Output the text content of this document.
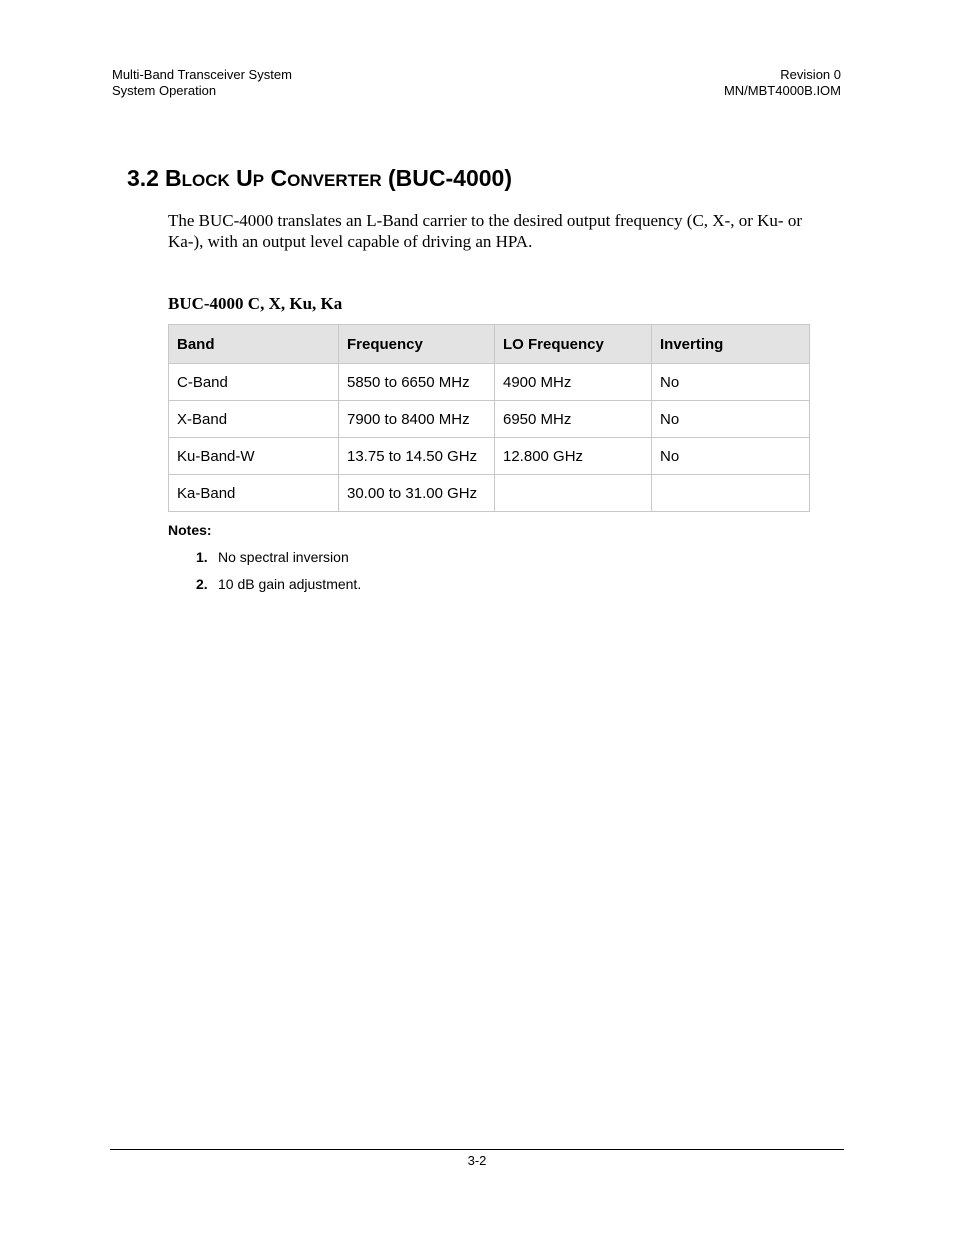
Multi-Band Transceiver System
System Operation
Revision 0
MN/MBT4000B.IOM
3.2 BLOCK UP CONVERTER (BUC-4000)

The BUC-4000 translates an L-Band carrier to the desired output frequency (C, X-, or Ku- or Ka-), with an output level capable of driving an HPA.

BUC-4000 C, X, Ku, Ka

Band	Frequency	LO Frequency	Inverting
C-Band	5850 to 6650 MHz	4900 MHz	No
X-Band	7900 to 8400 MHz	6950 MHz	No
Ku-Band-W	13.75 to 14.50 GHz	12.800 GHz	No
Ka-Band	30.00 to 31.00 GHz		
Notes:
1. No spectral inversion
2. 10 dB gain adjustment.
3-2
